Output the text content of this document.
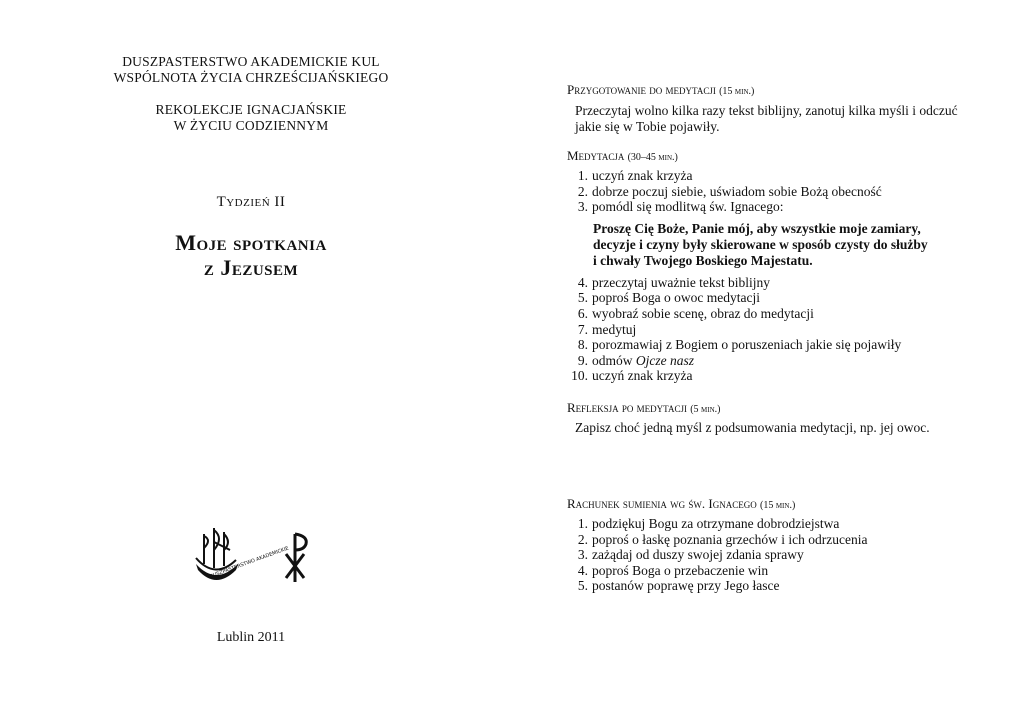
DUSZPASTERSTWO AKADEMICKIE KUL
WSPÓLNOTA ŻYCIA CHRZEŚCIJAŃSKIEGO
REKOLEKCJE IGNACJAŃSKIE
W ŻYCIU CODZIENNYM
Tydzień II
Moje spotkania
z Jezusem
DUSZPASTERSTWO AKADEMICKIE
Lublin 2011
Przygotowanie do medytacji (15 min.)
Przeczytaj wolno kilka razy tekst biblijny, zanotuj kilka myśli i odczuć
jakie się w Tobie pojawiły.
Medytacja (30–45 min.)
1. uczyń znak krzyża
2. dobrze poczuj siebie, uświadom sobie Bożą obecność
3. pomódl się modlitwą św. Ignacego:
Proszę Cię Boże, Panie mój, aby wszystkie moje zamiary,
decyzje i czyny były skierowane w sposób czysty do służby
i chwały Twojego Boskiego Majestatu.
4. przeczytaj uważnie tekst biblijny
5. poproś Boga o owoc medytacji
6. wyobraź sobie scenę, obraz do medytacji
7. medytuj
8. porozmawiaj z Bogiem o poruszeniach jakie się pojawiły
9. odmów Ojcze nasz
10. uczyń znak krzyża
Refleksja po medytacji (5 min.)
Zapisz choć jedną myśl z podsumowania medytacji, np. jej owoc.
Rachunek sumienia wg św. Ignacego (15 min.)
1. podziękuj Bogu za otrzymane dobrodziejstwa
2. poproś o łaskę poznania grzechów i ich odrzucenia
3. zażądaj od duszy swojej zdania sprawy
4. poproś Boga o przebaczenie win
5. postanów poprawę przy Jego łasce
